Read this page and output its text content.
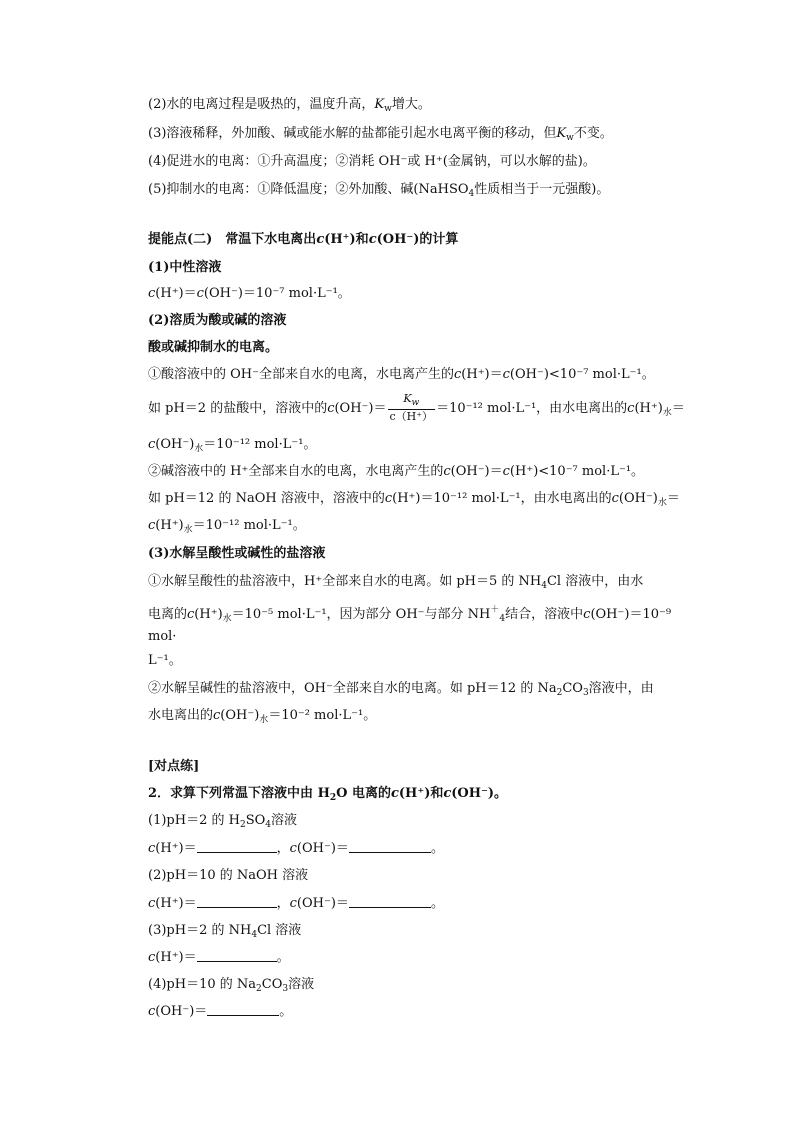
(2)水的电离过程是吸热的，温度升高，$K_w$增大。
(3)溶液稀释，外加酸、碱或能水解的盐都能引起水电离平衡的移动，但$K_w$不变。
(4)促进水的电离：①升高温度；②消耗 OH⁻或 H⁺(金属钠，可以水解的盐)。
(5)抑制水的电离：①降低温度；②外加酸、碱(NaHSO$_4$性质相当于一元强酸)。
提能点(二)　常温下水电离出c(H⁺)和c(OH⁻)的计算
(1)中性溶液
c(H⁺)＝c(OH⁻)＝10⁻⁷ mol·L⁻¹。
(2)溶质为酸或碱的溶液
酸或碱抑制水的电离。
①酸溶液中的 OH⁻全部来自水的电离，水电离产生的c(H⁺)＝c(OH⁻)<10⁻⁷ mol·L⁻¹。
如 pH＝2 的盐酸中，溶液中的$c(OH^-)= \frac{K_w}{c(H^+)} =10^{-12}$ mol·L⁻¹，由水电离出的$c(H^+)_水=$
$c(OH^-)_水=10^{-12}$ mol·L⁻¹。
②碱溶液中的 H⁺全部来自水的电离，水电离产生的c(OH⁻)＝c(H⁺)<10⁻⁷ mol·L⁻¹。
如 pH＝12 的 NaOH 溶液中，溶液中的c(H⁺)＝10⁻¹² mol·L⁻¹，由水电离出的$c(OH^-)_水=$
$c(H^+)_水=10^{-12}$ mol·L⁻¹。
(3)水解呈酸性或碱性的盐溶液
①水解呈酸性的盐溶液中，H⁺全部来自水的电离。如 pH＝5 的 $NH_4Cl$ 溶液中，由水
电离的$c(H^+)_水=10^{-5}$ mol·L⁻¹，因为部分 OH⁻与部分 $NH^+_4$结合，溶液中c(OH⁻)＝10⁻⁹
mol·
L⁻¹。
②水解呈碱性的盐溶液中，OH⁻全部来自水的电离。如 pH＝12 的 $Na_2CO_3$溶液中，由
水电离出的$c(OH^-)_水=10^{-2}$ mol·L⁻¹。
[对点练]
2．求算下列常温下溶液中由 $H_2O$ 电离的c(H⁺)和c(OH⁻)。
(1)pH＝2 的 $H_2SO_4$溶液
c(H⁺)＝	，c(OH⁻)＝	。
(2)pH＝10 的 NaOH 溶液
c(H⁺)＝	，c(OH⁻)＝	。
(3)pH＝2 的 $NH_4Cl$ 溶液
c(H⁺)＝	。
(4)pH＝10 的 $Na_2CO_3$溶液
c(OH⁻)＝	。
